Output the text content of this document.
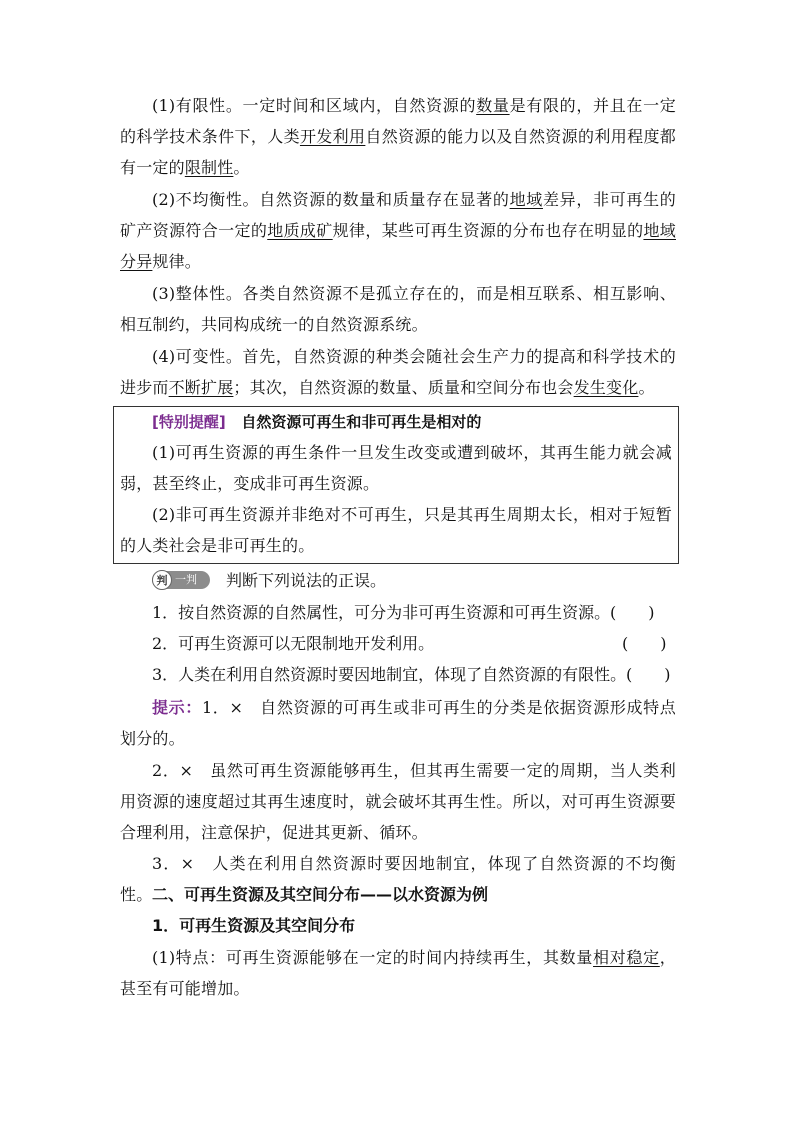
(1)有限性。一定时间和区域内，自然资源的数量是有限的，并且在一定的科学技术条件下，人类开发利用自然资源的能力以及自然资源的利用程度都有一定的限制性。

(2)不均衡性。自然资源的数量和质量存在显著的地域差异，非可再生的矿产资源符合一定的地质成矿规律，某些可再生资源的分布也存在明显的地域分异规律。

(3)整体性。各类自然资源不是孤立存在的，而是相互联系、相互影响、相互制约，共同构成统一的自然资源系统。

(4)可变性。首先，自然资源的种类会随社会生产力的提高和科学技术的进步而不断扩展；其次，自然资源的数量、质量和空间分布也会发生变化。

[特别提醒] 自然资源可再生和非可再生是相对的

(1)可再生资源的再生条件一旦发生改变或遭到破坏，其再生能力就会减弱，甚至终止，变成非可再生资源。

(2)非可再生资源并非绝对不可再生，只是其再生周期太长，相对于短暂的人类社会是非可再生的。

判 一判 判断下列说法的正误。
1．按自然资源的自然属性，可分为非可再生资源和可再生资源。 (　　)
2．可再生资源可以无限制地开发利用。	(　　)
3．人类在利用自然资源时要因地制宜，体现了自然资源的有限性。 (　　)

提示：1．×　自然资源的可再生或非可再生的分类是依据资源形成特点划分的。

2．×　虽然可再生资源能够再生，但其再生需要一定的周期，当人类利用资源的速度超过其再生速度时，就会破坏其再生性。所以，对可再生资源要合理利用，注意保护，促进其更新、循环。

3．×　人类在利用自然资源时要因地制宜，体现了自然资源的不均衡性。 二、可再生资源及其空间分布——以水资源为例
1．可再生资源及其空间分布

(1)特点：可再生资源能够在一定的时间内持续再生，其数量相对稳定，甚至有可能增加。
